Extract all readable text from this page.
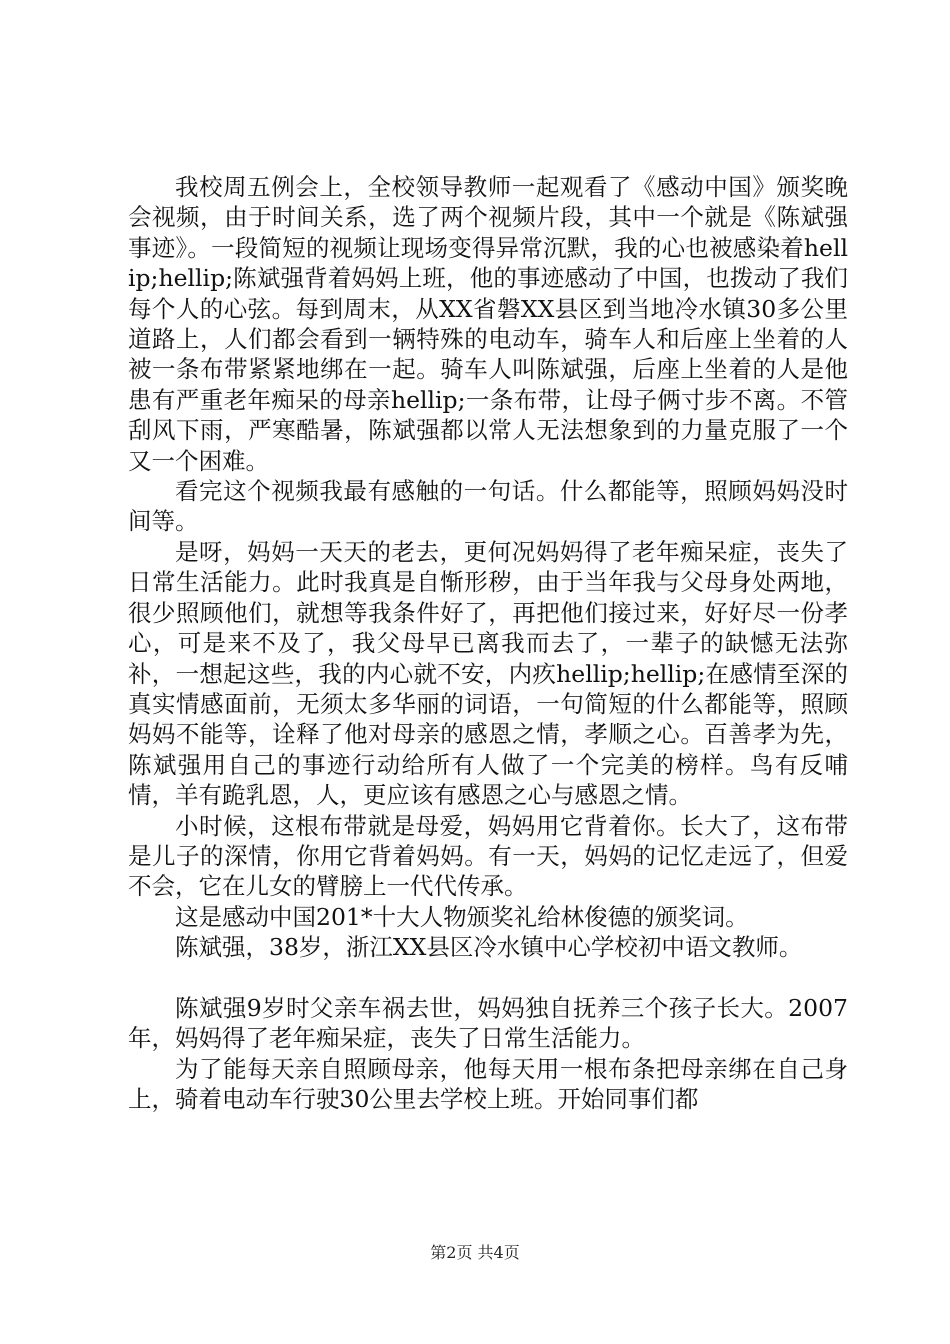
我校周五例会上，全校领导教师一起观看了《感动中国》颁奖晚会视频，由于时间关系，选了两个视频片段，其中一个就是《陈斌强事迹》。一段简短的视频让现场变得异常沉默，我的心也被感染着hellip;hellip;陈斌强背着妈妈上班，他的事迹感动了中国，也拨动了我们每个人的心弦。每到周末，从XX省磐XX县区到当地冷水镇30多公里道路上，人们都会看到一辆特殊的电动车，骑车人和后座上坐着的人被一条布带紧紧地绑在一起。骑车人叫陈斌强，后座上坐着的人是他患有严重老年痴呆的母亲hellip;一条布带，让母子俩寸步不离。不管刮风下雨，严寒酷暑，陈斌强都以常人无法想象到的力量克服了一个又一个困难。

看完这个视频我最有感触的一句话。什么都能等，照顾妈妈没时间等。

是呀，妈妈一天天的老去，更何况妈妈得了老年痴呆症，丧失了日常生活能力。此时我真是自惭形秽，由于当年我与父母身处两地，很少照顾他们，就想等我条件好了，再把他们接过来，好好尽一份孝心，可是来不及了，我父母早已离我而去了，一辈子的缺憾无法弥补，一想起这些，我的内心就不安，内疚hellip;hellip;在感情至深的真实情感面前，无须太多华丽的词语，一句简短的什么都能等，照顾妈妈不能等，诠释了他对母亲的感恩之情，孝顺之心。百善孝为先，陈斌强用自己的事迹行动给所有人做了一个完美的榜样。鸟有反哺情，羊有跪乳恩，人，更应该有感恩之心与感恩之情。

小时候，这根布带就是母爱，妈妈用它背着你。长大了，这布带是儿子的深情，你用它背着妈妈。有一天，妈妈的记忆走远了，但爱不会，它在儿女的臂膀上一代代传承。

这是感动中国201*十大人物颁奖礼给林俊德的颁奖词。

陈斌强，38岁，浙江XX县区冷水镇中心学校初中语文教师。

陈斌强9岁时父亲车祸去世，妈妈独自抚养三个孩子长大。2007年，妈妈得了老年痴呆症，丧失了日常生活能力。

为了能每天亲自照顾母亲，他每天用一根布条把母亲绑在自己身上，骑着电动车行驶30公里去学校上班。开始同事们都

第2页 共4页
